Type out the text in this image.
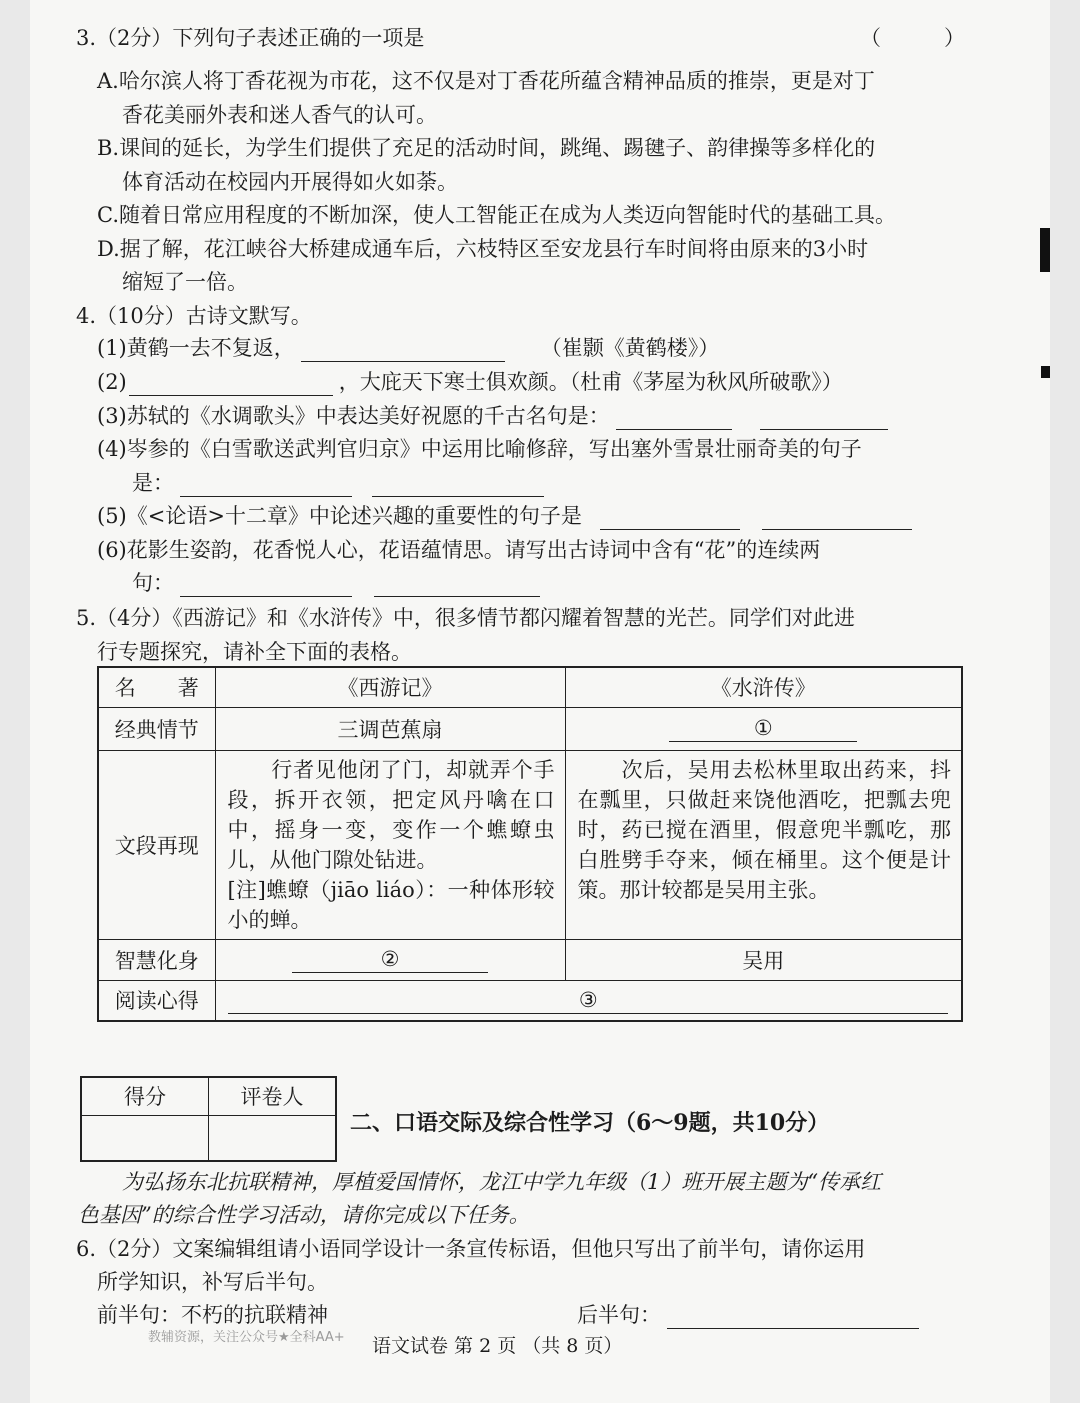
3.（2分）下列句子表述正确的一项是	（　　　）
A.哈尔滨人将丁香花视为市花，这不仅是对丁香花所蕴含精神品质的推崇，更是对丁
香花美丽外表和迷人香气的认可。
B.课间的延长，为学生们提供了充足的活动时间，跳绳、踢毽子、韵律操等多样化的
体育活动在校园内开展得如火如荼。
C.随着日常应用程度的不断加深，使人工智能正在成为人类迈向智能时代的基础工具。
D.据了解，花江峡谷大桥建成通车后，六枝特区至安龙县行车时间将由原来的3小时
缩短了一倍。
4.（10分）古诗文默写。
(1)黄鹤一去不复返，	（崔颢《黄鹤楼》）
(2)	，大庇天下寒士俱欢颜。（杜甫《茅屋为秋风所破歌》）
(3)苏轼的《水调歌头》中表达美好祝愿的千古名句是：
(4)岑参的《白雪歌送武判官归京》中运用比喻修辞，写出塞外雪景壮丽奇美的句子
是：
(5)《<论语>十二章》中论述兴趣的重要性的句子是
(6)花影生姿韵，花香悦人心，花语蕴情思。请写出古诗词中含有“花”的连续两
句：
5.（4分）《西游记》和《水浒传》中，很多情节都闪耀着智慧的光芒。同学们对此进
行专题探究，请补全下面的表格。
名　　著	《西游记》	《水浒传》
经典情节	三调芭蕉扇	①
文段再现	　　行者见他闭了门，却就弄个手段，拆开衣领，把定风丹噙在口中，摇身一变，变作一个蟭蟟虫儿，从他门隙处钻进。
[注]蟭蟟（jiāo liáo）：一种体形较小的蝉。	　　次后，吴用去松林里取出药来，抖在瓢里，只做赶来饶他酒吃，把瓢去兜时，药已搅在酒里，假意兜半瓢吃，那白胜劈手夺来，倾在桶里。这个便是计策。那计较都是吴用主张。
智慧化身	②	吴用
阅读心得	③	
得分	评卷人

二、口语交际及综合性学习（6～9题，共10分）
为弘扬东北抗联精神，厚植爱国情怀，龙江中学九年级（1）班开展主题为“传承红
色基因”的综合性学习活动，请你完成以下任务。
6.（2分）文案编辑组请小语同学设计一条宣传标语，但他只写出了前半句，请你运用
所学知识，补写后半句。
前半句：不朽的抗联精神	后半句：
教辅资源，关注公众号★全科AA+ 语文试卷 第 2 页 （共 8 页）
